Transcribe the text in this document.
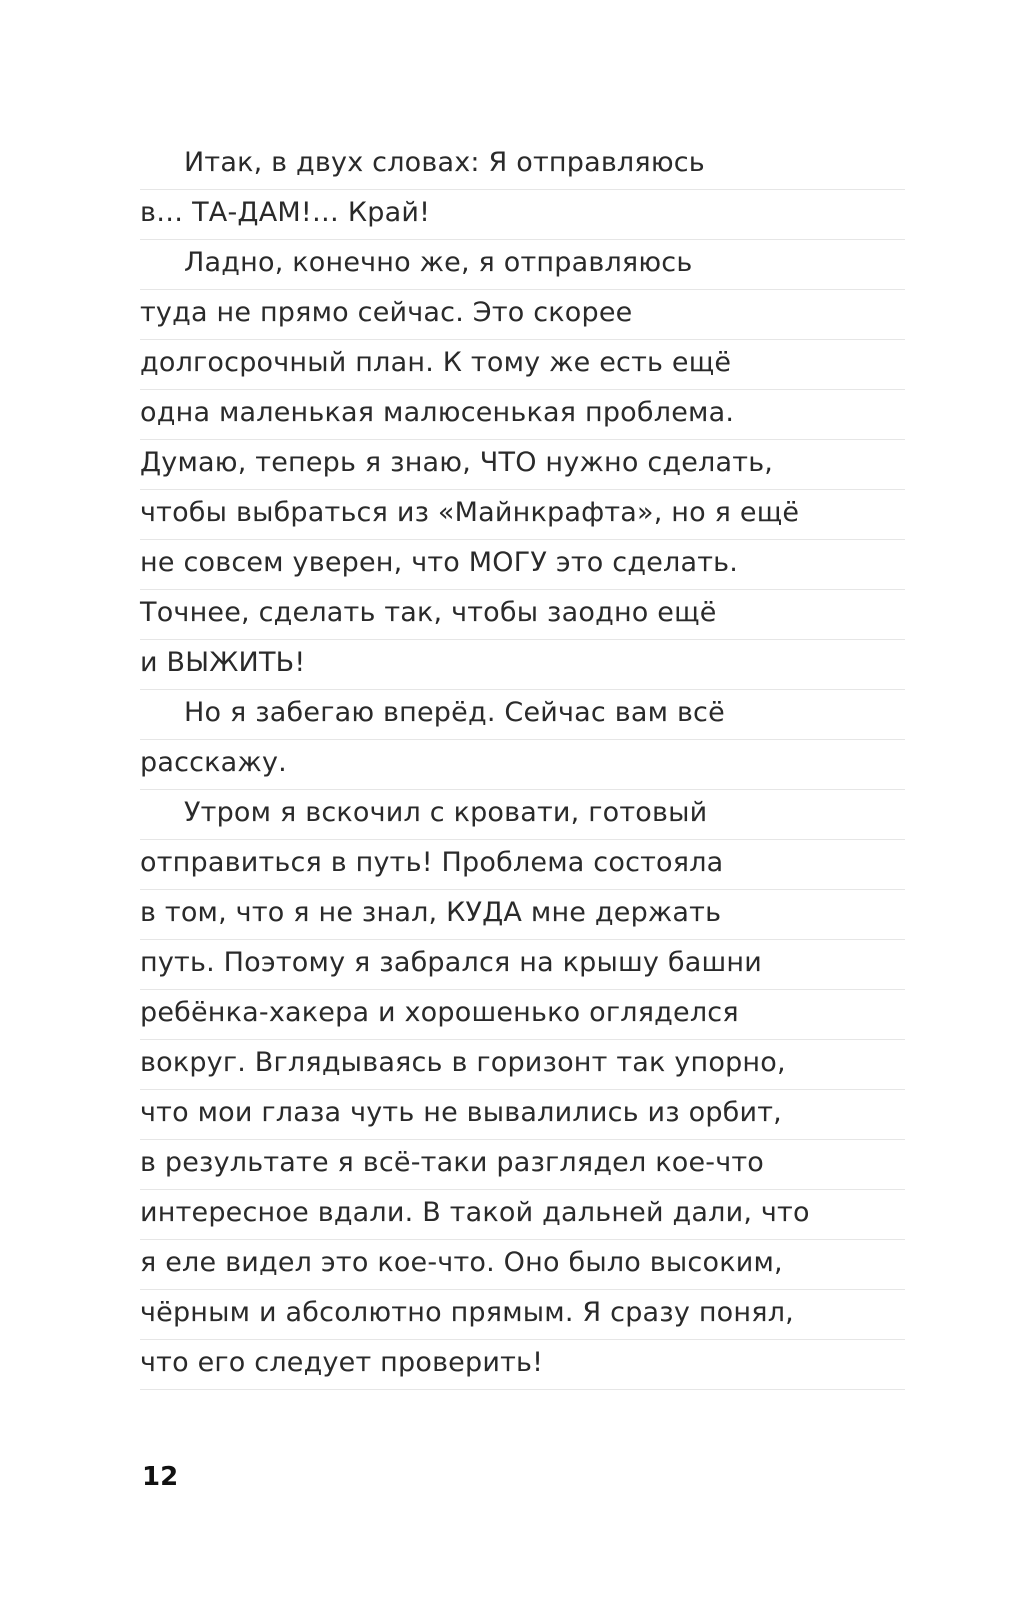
Итак, в двух словах: Я отправляюсь
в… ТА-ДАМ!… Край!
Ладно, конечно же, я отправляюсь
туда не прямо сейчас. Это скорее
долгосрочный план. К тому же есть ещё
одна маленькая малюсенькая проблема.
Думаю, теперь я знаю, ЧТО нужно сделать,
чтобы выбраться из «Майнкрафта», но я ещё
не совсем уверен, что МОГУ это сделать.
Точнее, сделать так, чтобы заодно ещё
и ВЫЖИТЬ!
Но я забегаю вперёд. Сейчас вам всё
расскажу.
Утром я вскочил с кровати, готовый
отправиться в путь! Проблема состояла
в том, что я не знал, КУДА мне держать
путь. Поэтому я забрался на крышу башни
ребёнка-хакера и хорошенько огляделся
вокруг. Вглядываясь в горизонт так упорно,
что мои глаза чуть не вывалились из орбит,
в результате я всё-таки разглядел кое-что
интересное вдали. В такой дальней дали, что
я еле видел это кое-что. Оно было высоким,
чёрным и абсолютно прямым. Я сразу понял,
что его следует проверить!
12
